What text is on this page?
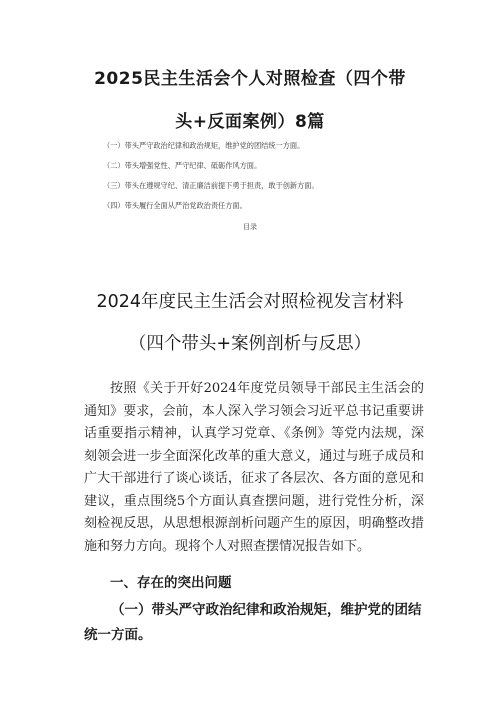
2025民主生活会个人对照检查（四个带
头+反面案例）8篇
（一）带头严守政治纪律和政治规矩，维护党的团结统一方面。
（二）带头增强党性、严守纪律、砥砺作风方面。
（三）带头在遵规守纪、清正廉洁前提下勇于担责，敢于创新方面。
（四）带头履行全面从严治党政治责任方面。
目录
2024年度民主生活会对照检视发言材料
（四个带头+案例剖析与反思）
按照《关于开好2024年度党员领导干部民主生活会的通知》要求，会前，本人深入学习领会习近平总书记重要讲话重要指示精神，认真学习党章、《条例》等党内法规，深刻领会进一步全面深化改革的重大意义，通过与班子成员和广大干部进行了谈心谈话，征求了各层次、各方面的意见和建议，重点围绕5个方面认真查摆问题，进行党性分析，深刻检视反思，从思想根源剖析问题产生的原因，明确整改措施和努力方向。现将个人对照查摆情况报告如下。
一、存在的突出问题
（一）带头严守政治纪律和政治规矩，维护党的团结统一方面。
